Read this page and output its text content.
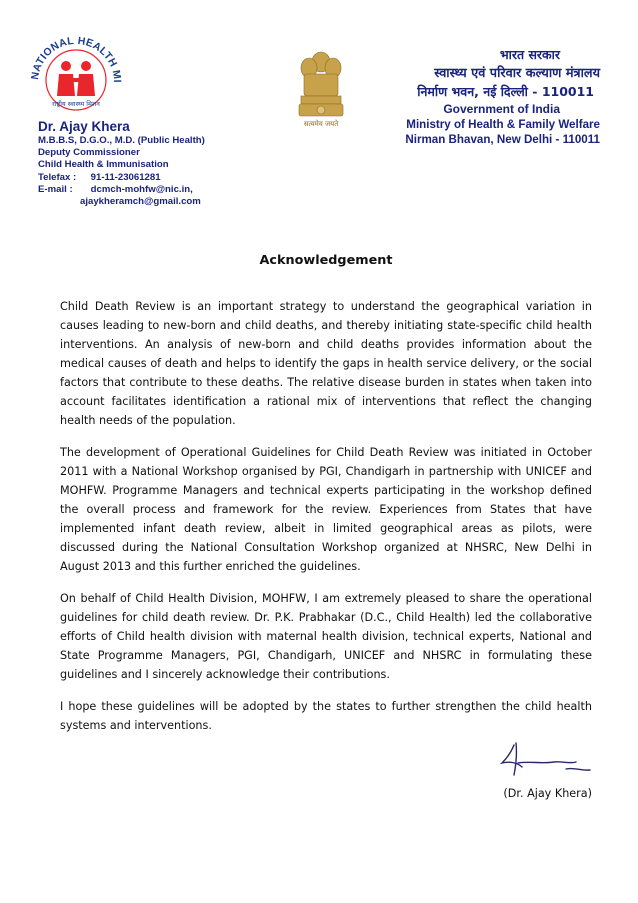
NATIONAL HEALTH MI
राष्ट्रीय स्वास्थ्य मिशन
सत्यमेव जयते
Dr. Ajay Khera
M.B.B.S, D.G.O., M.D. (Public Health)
Deputy Commissioner
Child Health & Immunisation
Telefax : 91-11-23061281
E-mail : dcmch-mohfw@nic.in,
ajaykheramch@gmail.com
भारत सरकार
स्वास्थ्य एवं परिवार कल्याण मंत्रालय
निर्माण भवन, नई दिल्ली - 110011
Government of India
Ministry of Health & Family Welfare
Nirman Bhavan, New Delhi - 110011
Acknowledgement

Child Death Review is an important strategy to understand the geographical variation in causes leading to new-born and child deaths, and thereby initiating state-specific child health interventions. An analysis of new-born and child deaths provides information about the medical causes of death and helps to identify the gaps in health service delivery, or the social factors that contribute to these deaths. The relative disease burden in states when taken into account facilitates identification a rational mix of interventions that reflect the changing health needs of the population.

The development of Operational Guidelines for Child Death Review was initiated in October 2011 with a National Workshop organised by PGI, Chandigarh in partnership with UNICEF and MOHFW. Programme Managers and technical experts participating in the workshop defined the overall process and framework for the review. Experiences from States that have implemented infant death review, albeit in limited geographical areas as pilots, were discussed during the National Consultation Workshop organized at NHSRC, New Delhi in August 2013 and this further enriched the guidelines.

On behalf of Child Health Division, MOHFW, I am extremely pleased to share the operational guidelines for child death review. Dr. P.K. Prabhakar (D.C., Child Health) led the collaborative efforts of Child health division with maternal health division, technical experts, National and State Programme Managers, PGI, Chandigarh, UNICEF and NHSRC in formulating these guidelines and I sincerely acknowledge their contributions.

I hope these guidelines will be adopted by the states to further strengthen the child health systems and interventions.

(Dr. Ajay Khera)
